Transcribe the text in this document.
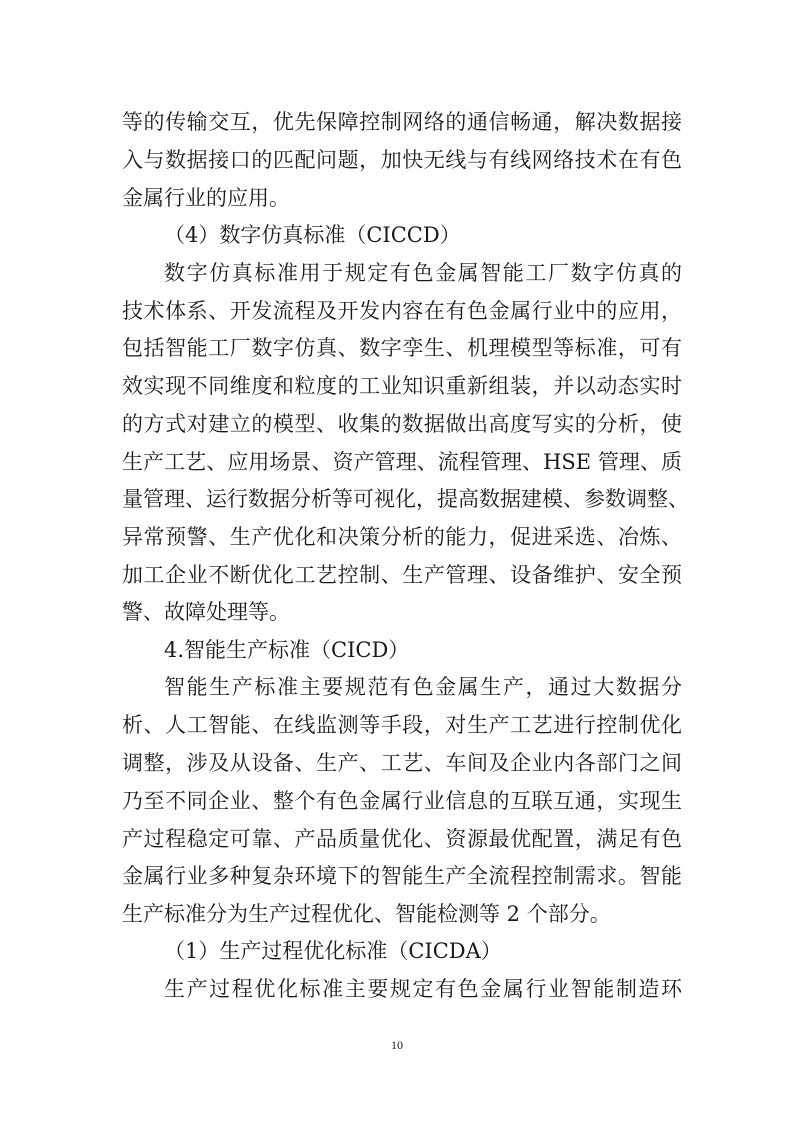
等的传输交互，优先保障控制网络的通信畅通，解决数据接
入与数据接口的匹配问题，加快无线与有线网络技术在有色
金属行业的应用。
（4）数字仿真标准（CICCD）
数字仿真标准用于规定有色金属智能工厂数字仿真的
技术体系、开发流程及开发内容在有色金属行业中的应用，
包括智能工厂数字仿真、数字孪生、机理模型等标准，可有
效实现不同维度和粒度的工业知识重新组装，并以动态实时
的方式对建立的模型、收集的数据做出高度写实的分析，使
生产工艺、应用场景、资产管理、流程管理、HSE 管理、质
量管理、运行数据分析等可视化，提高数据建模、参数调整、
异常预警、生产优化和决策分析的能力，促进采选、冶炼、
加工企业不断优化工艺控制、生产管理、设备维护、安全预
警、故障处理等。
4.智能生产标准（CICD）
智能生产标准主要规范有色金属生产，通过大数据分
析、人工智能、在线监测等手段，对生产工艺进行控制优化
调整，涉及从设备、生产、工艺、车间及企业内各部门之间
乃至不同企业、整个有色金属行业信息的互联互通，实现生
产过程稳定可靠、产品质量优化、资源最优配置，满足有色
金属行业多种复杂环境下的智能生产全流程控制需求。智能
生产标准分为生产过程优化、智能检测等 2 个部分。
（1）生产过程优化标准（CICDA）
生产过程优化标准主要规定有色金属行业智能制造环
10
